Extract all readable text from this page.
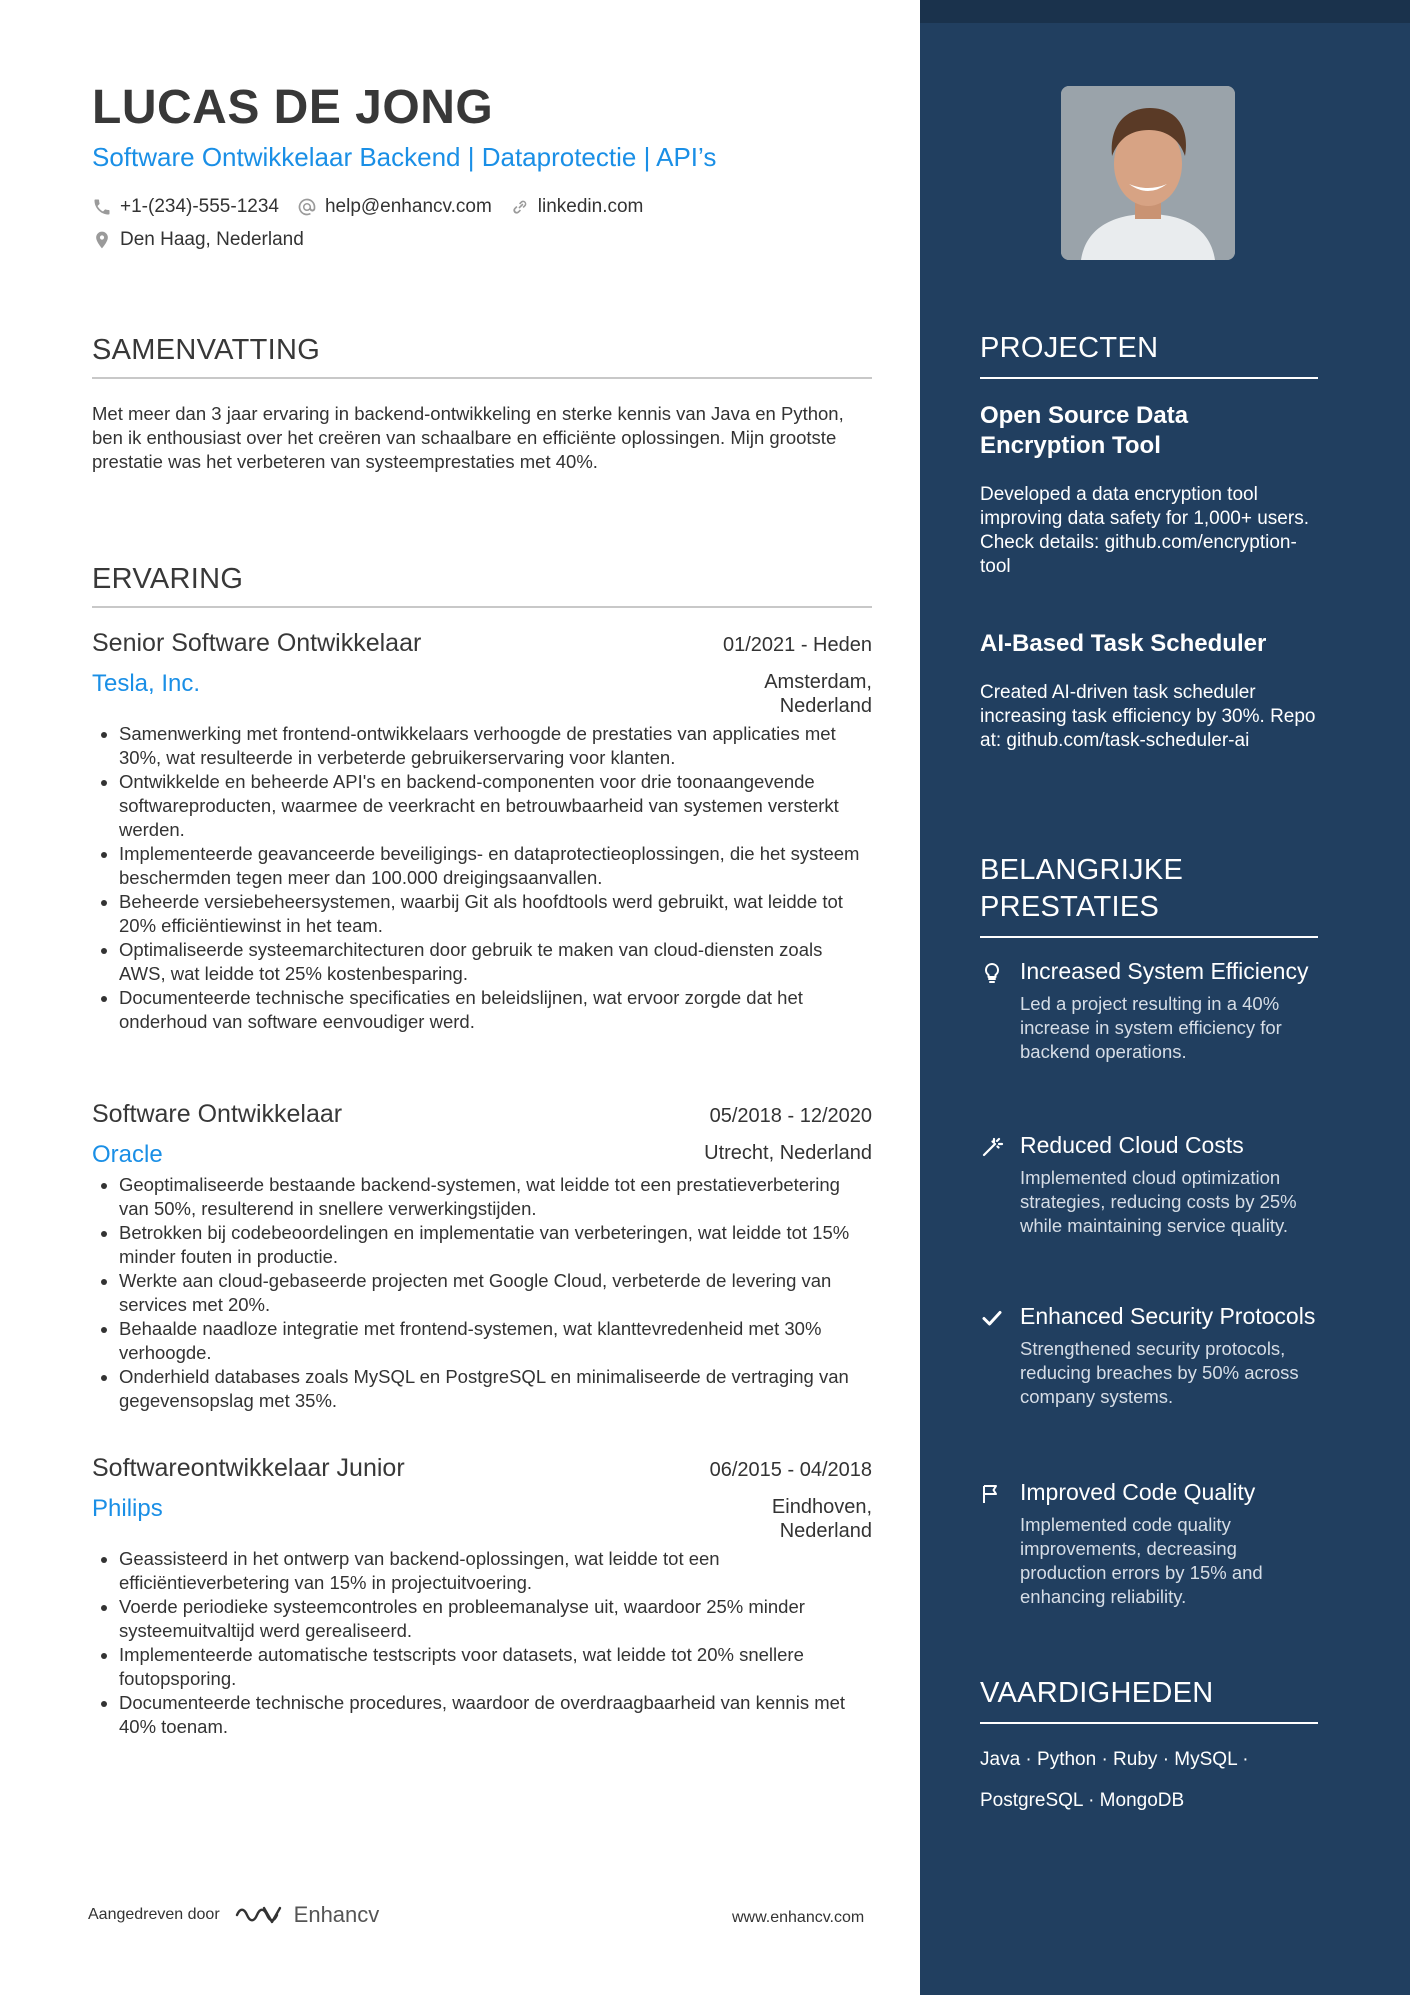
LUCAS DE JONG
Software Ontwikkelaar Backend | Dataprotectie | API’s
+1-(234)-555-1234 help@enhancv.com linkedin.com
Den Haag, Nederland
SAMENVATTING
Met meer dan 3 jaar ervaring in backend-ontwikkeling en sterke kennis van Java en Python, ben ik enthousiast over het creëren van schaalbare en efficiënte oplossingen. Mijn grootste prestatie was het verbeteren van systeemprestaties met 40%.
ERVARING
Senior Software Ontwikkelaar	01/2021 - Heden
Tesla, Inc.	Amsterdam,
Nederland
• Samenwerking met frontend-ontwikkelaars verhoogde de prestaties van applicaties met 30%, wat resulteerde in verbeterde gebruikerservaring voor klanten.
• Ontwikkelde en beheerde API's en backend-componenten voor drie toonaangevende softwareproducten, waarmee de veerkracht en betrouwbaarheid van systemen versterkt werden.
• Implementeerde geavanceerde beveiligings- en dataprotectieoplossingen, die het systeem beschermden tegen meer dan 100.000 dreigingsaanvallen.
• Beheerde versiebeheersystemen, waarbij Git als hoofdtools werd gebruikt, wat leidde tot 20% efficiëntiewinst in het team.
• Optimaliseerde systeemarchitecturen door gebruik te maken van cloud-diensten zoals AWS, wat leidde tot 25% kostenbesparing.
• Documenteerde technische specificaties en beleidslijnen, wat ervoor zorgde dat het onderhoud van software eenvoudiger werd.
Software Ontwikkelaar	05/2018 - 12/2020
Oracle	Utrecht, Nederland
• Geoptimaliseerde bestaande backend-systemen, wat leidde tot een prestatieverbetering van 50%, resulterend in snellere verwerkingstijden.
• Betrokken bij codebeoordelingen en implementatie van verbeteringen, wat leidde tot 15% minder fouten in productie.
• Werkte aan cloud-gebaseerde projecten met Google Cloud, verbeterde de levering van services met 20%.
• Behaalde naadloze integratie met frontend-systemen, wat klanttevredenheid met 30% verhoogde.
• Onderhield databases zoals MySQL en PostgreSQL en minimaliseerde de vertraging van gegevensopslag met 35%.
Softwareontwikkelaar Junior	06/2015 - 04/2018
Philips	Eindhoven,
Nederland
• Geassisteerd in het ontwerp van backend-oplossingen, wat leidde tot een efficiëntieverbetering van 15% in projectuitvoering.
• Voerde periodieke systeemcontroles en probleemanalyse uit, waardoor 25% minder systeemuitvaltijd werd gerealiseerd.
• Implementeerde automatische testscripts voor datasets, wat leidde tot 20% snellere foutopsporing.
• Documenteerde technische procedures, waardoor de overdraagbaarheid van kennis met 40% toenam.
PROJECTEN
Open Source Data Encryption Tool
Developed a data encryption tool improving data safety for 1,000+ users. Check details: github.com/encryption-tool
AI-Based Task Scheduler
Created AI-driven task scheduler increasing task efficiency by 30%. Repo at: github.com/task-scheduler-ai
BELANGRIJKE PRESTATIES
Increased System Efficiency
Led a project resulting in a 40% increase in system efficiency for backend operations.
Reduced Cloud Costs
Implemented cloud optimization strategies, reducing costs by 25% while maintaining service quality.
Enhanced Security Protocols
Strengthened security protocols, reducing breaches by 50% across company systems.
Improved Code Quality
Implemented code quality improvements, decreasing production errors by 15% and enhancing reliability.
VAARDIGHEDEN
Java · Python · Ruby · MySQL ·
PostgreSQL · MongoDB
Aangedreven door	Enhancv	www.enhancv.com
